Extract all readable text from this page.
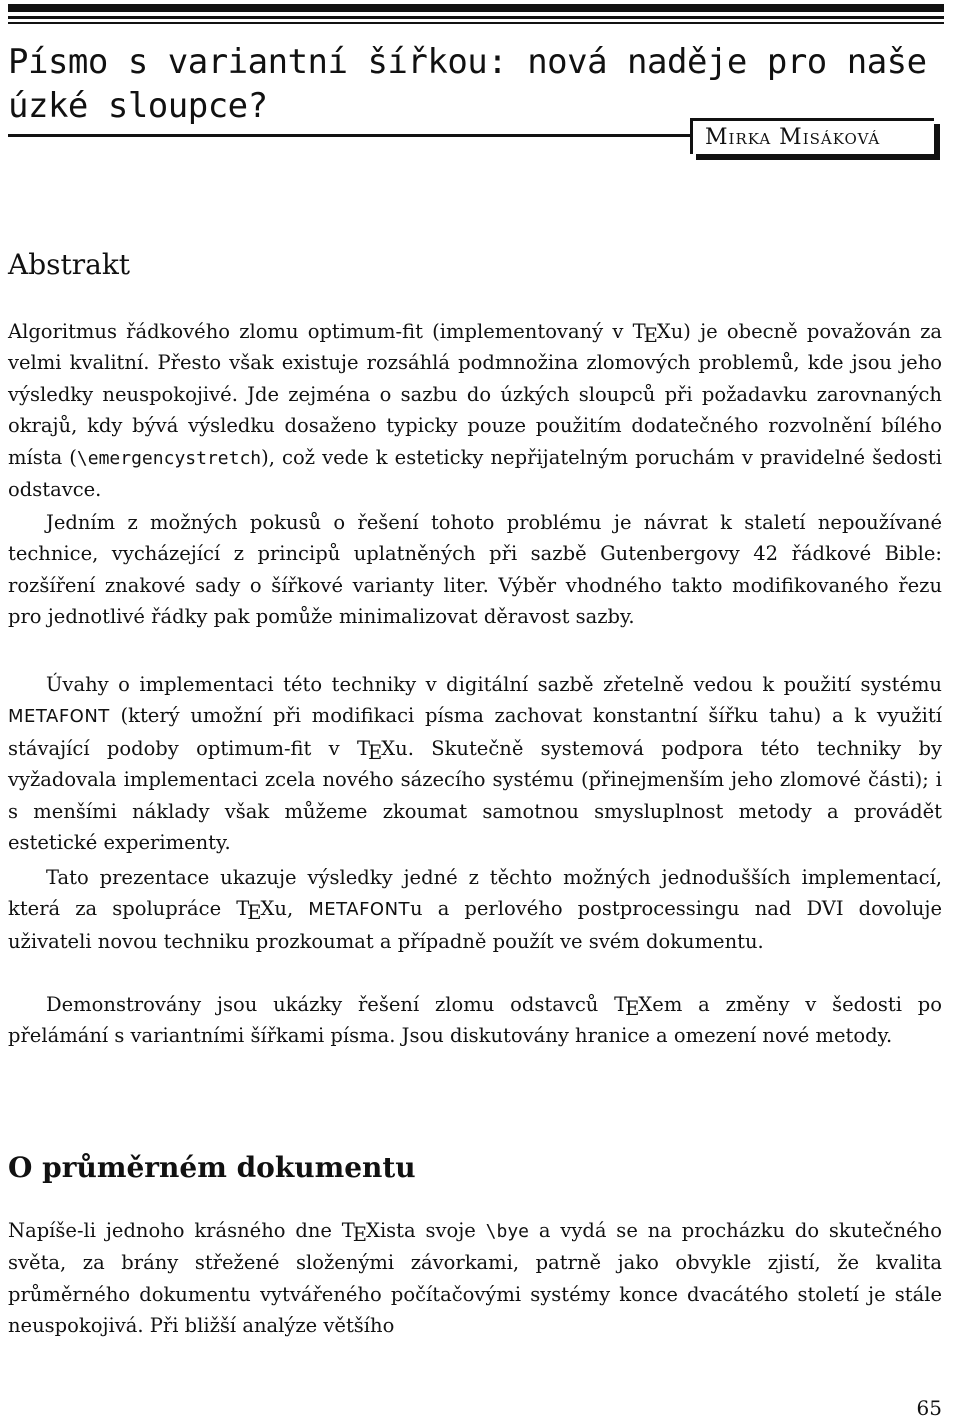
Písmo s variantní šířkou: nová naděje pro naše úzké sloupce?
Mirka Misáková
Abstrakt

Algoritmus řádkového zlomu optimum-fit (implementovaný v TEXu) je obecně považován za velmi kvalitní. Přesto však existuje rozsáhlá podmnožina zlomových problemů, kde jsou jeho výsledky neuspokojivé. Jde zejména o sazbu do úzkých sloupců při požadavku zarovnaných okrajů, kdy bývá výsledku dosaženo typicky pouze použitím dodatečného rozvolnění bílého místa (\emergencystretch), což vede k esteticky nepřijatelným poruchám v pravidelné šedosti odstavce.

Jedním z možných pokusů o řešení tohoto problému je návrat k staletí nepoužívané technice, vycházející z principů uplatněných při sazbě Gutenbergovy 42 řádkové Bible: rozšíření znakové sady o šířkové varianty liter. Výběr vhodného takto modifikovaného řezu pro jednotlivé řádky pak pomůže minimalizovat děravost sazby.

Úvahy o implementaci této techniky v digitální sazbě zřetelně vedou k použití systému METAFONT (který umožní při modifikaci písma zachovat konstantní šířku tahu) a k využití stávající podoby optimum-fit v TEXu. Skutečně systemová podpora této techniky by vyžadovala implementaci zcela nového sázecího systému (přinejmenším jeho zlomové části); i s menšími náklady však můžeme zkoumat samotnou smysluplnost metody a provádět estetické experimenty.

Tato prezentace ukazuje výsledky jedné z těchto možných jednodušších implementací, která za spolupráce TEXu, METAFONTu a perlového postprocessingu nad DVI dovoluje uživateli novou techniku prozkoumat a případně použít ve svém dokumentu.

Demonstrovány jsou ukázky řešení zlomu odstavců TEXem a změny v šedosti po přelámání s variantními šířkami písma. Jsou diskutovány hranice a omezení nové metody.

O průměrném dokumentu

Napíše-li jednoho krásného dne TEXista svoje \bye a vydá se na procházku do skutečného světa, za brány střežené složenými závorkami, patrně jako obvykle zjistí, že kvalita průměrného dokumentu vytvářeného počítačovými systémy konce dvacátého století je stále neuspokojivá. Při bližší analýze většího

65
